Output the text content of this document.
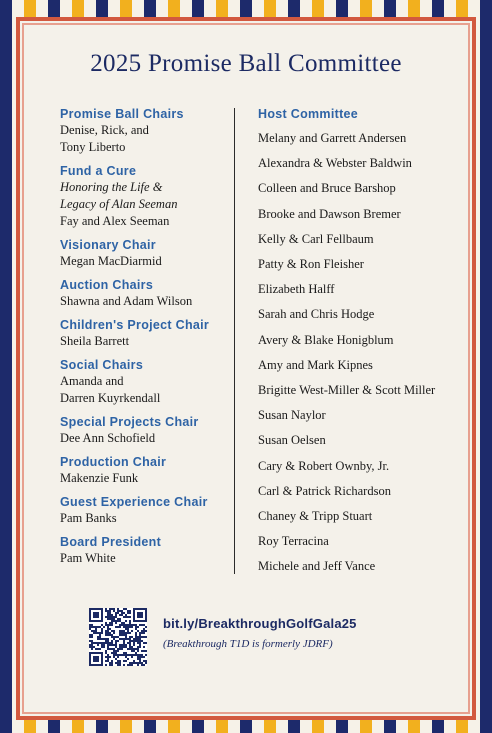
2025 Promise Ball Committee
Promise Ball Chairs
Denise, Rick, and
Tony Liberto
Fund a Cure
Honoring the Life &
Legacy of Alan Seeman
Fay and Alex Seeman
Visionary Chair
Megan MacDiarmid
Auction Chairs
Shawna and Adam Wilson
Children's Project Chair
Sheila Barrett
Social Chairs
Amanda and
Darren Kuyrkendall
Special Projects Chair
Dee Ann Schofield
Production Chair
Makenzie Funk
Guest Experience Chair
Pam Banks
Board President
Pam White
Host Committee
Melany and Garrett Andersen
Alexandra & Webster Baldwin
Colleen and Bruce Barshop
Brooke and Dawson Bremer
Kelly & Carl Fellbaum
Patty & Ron Fleisher
Elizabeth Halff
Sarah and Chris Hodge
Avery & Blake Honigblum
Amy and Mark Kipnes
Brigitte West-Miller & Scott Miller
Susan Naylor
Susan Oelsen
Cary & Robert Ownby, Jr.
Carl & Patrick Richardson
Chaney & Tripp Stuart
Roy Terracina
Michele and Jeff Vance
bit.ly/BreakthroughGolfGala25
(Breakthrough T1D is formerly JDRF)
